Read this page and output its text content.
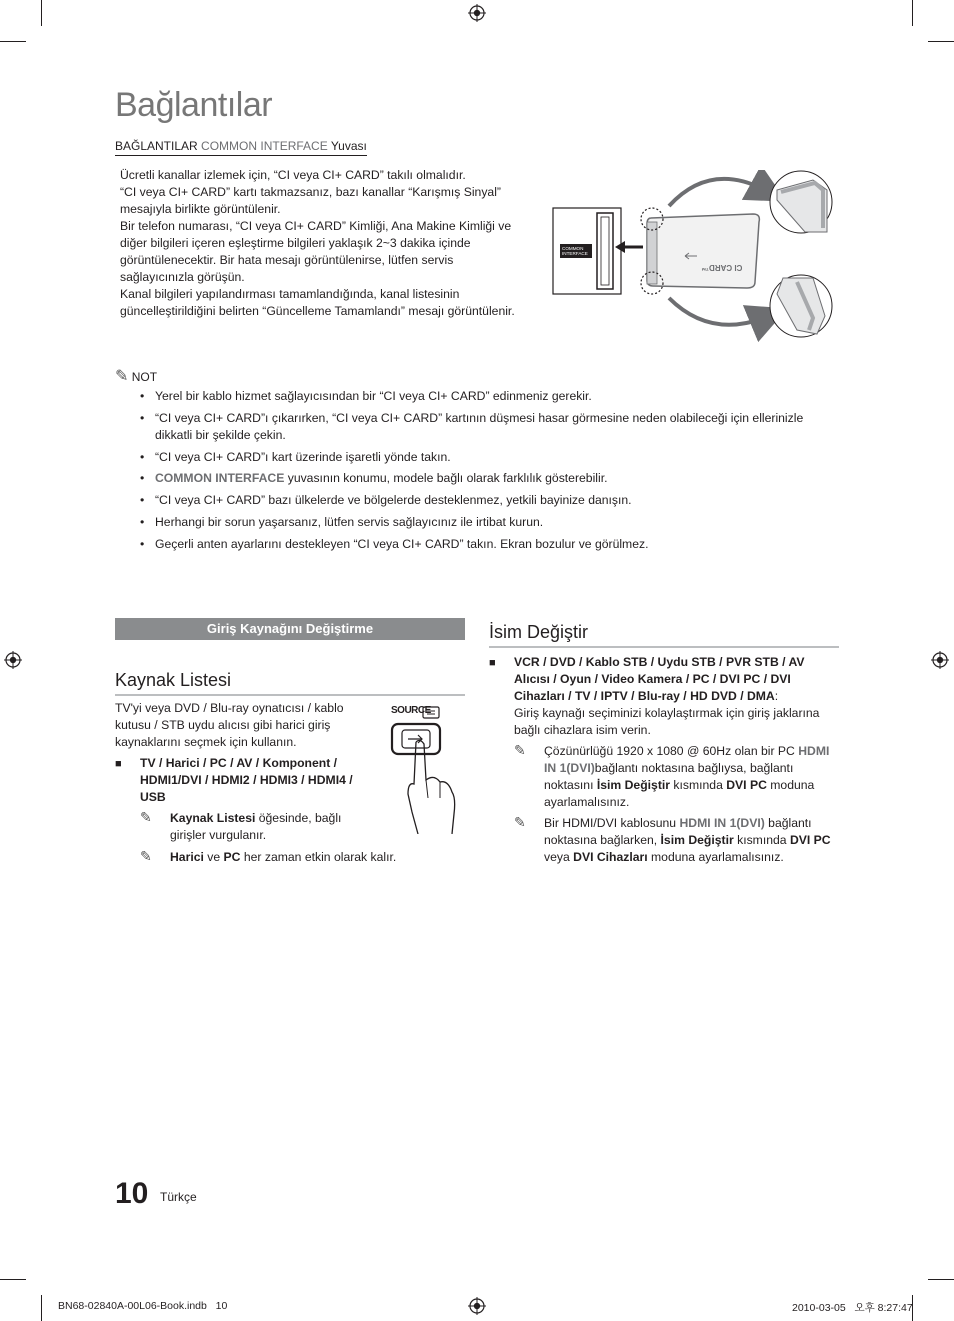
Bağlantılar
BAĞLANTILAR COMMON INTERFACE Yuvası

Ücretli kanallar izlemek için, “CI veya CI+ CARD” takılı olmalıdır.

“CI veya CI+ CARD” kartı takmazsanız, bazı kanallar “Karışmış Sinyal” mesajıyla birlikte görüntülenir.

Bir telefon numarası, “CI veya CI+ CARD” Kimliği, Ana Makine Kimliği ve diğer bilgileri içeren eşleştirme bilgileri yaklaşık 2~3 dakika içinde görüntülenecektir. Bir hata mesajı görüntülenirse, lütfen servis sağlayıcınızla görüşün.

Kanal bilgileri yapılandırması tamamlandığında, kanal listesinin güncelleştirildiğini belirten “Güncelleme Tamamlandı” mesajı görüntülenir.

COMMON
INTERFACE
CI CARD™
✎ NOT
• Yerel bir kablo hizmet sağlayıcısından bir “CI veya CI+ CARD” edinmeniz gerekir.
• “CI veya CI+ CARD”ı çıkarırken, “CI veya CI+ CARD” kartının düşmesi hasar görmesine neden olabileceği için ellerinizle dikkatli bir şekilde çekin.
• “CI veya CI+ CARD”ı kart üzerinde işaretli yönde takın.
• COMMON INTERFACE yuvasının konumu, modele bağlı olarak farklılık gösterebilir.
• “CI veya CI+ CARD” bazı ülkelerde ve bölgelerde desteklenmez, yetkili bayinize danışın.
• Herhangi bir sorun yaşarsanız, lütfen servis sağlayıcınız ile irtibat kurun.
• Geçerli anten ayarlarını destekleyen “CI veya CI+ CARD” takın. Ekran bozulur ve görülmez.
Giriş Kaynağını Değiştirme
Kaynak Listesi
TV'yi veya DVD / Blu-ray oynatıcısı / kablo kutusu / STB uydu alıcısı gibi harici giriş kaynaklarını seçmek için kullanın.
■	TV / Harici / PC / AV / Komponent / HDMI1/DVI / HDMI2 / HDMI3 / HDMI4 / USB
✎	Kaynak Listesi öğesinde, bağlı girişler vurgulanır.
✎	Harici ve PC her zaman etkin olarak kalır.
SOURCE
İsim Değiştir
■	VCR / DVD / Kablo STB / Uydu STB / PVR STB / AV Alıcısı / Oyun / Video Kamera / PC / DVI PC / DVI Cihazları / TV / IPTV / Blu-ray / HD DVD / DMA:
Giriş kaynağı seçiminizi kolaylaştırmak için giriş jaklarına bağlı cihazlara isim verin.
✎	Çözünürlüğü 1920 x 1080 @ 60Hz olan bir PC HDMI IN 1(DVI)bağlantı noktasına bağlıysa, bağlantı noktasını İsim Değiştir kısmında DVI PC moduna ayarlamalısınız.
✎	Bir HDMI/DVI kablosunu HDMI IN 1(DVI) bağlantı noktasına bağlarken, İsim Değiştir kısmında DVI PC veya DVI Cihazları moduna ayarlamalısınız.
10 Türkçe
BN68-02840A-00L06-Book.indb   10	2010-03-05   오후 8:27:47
